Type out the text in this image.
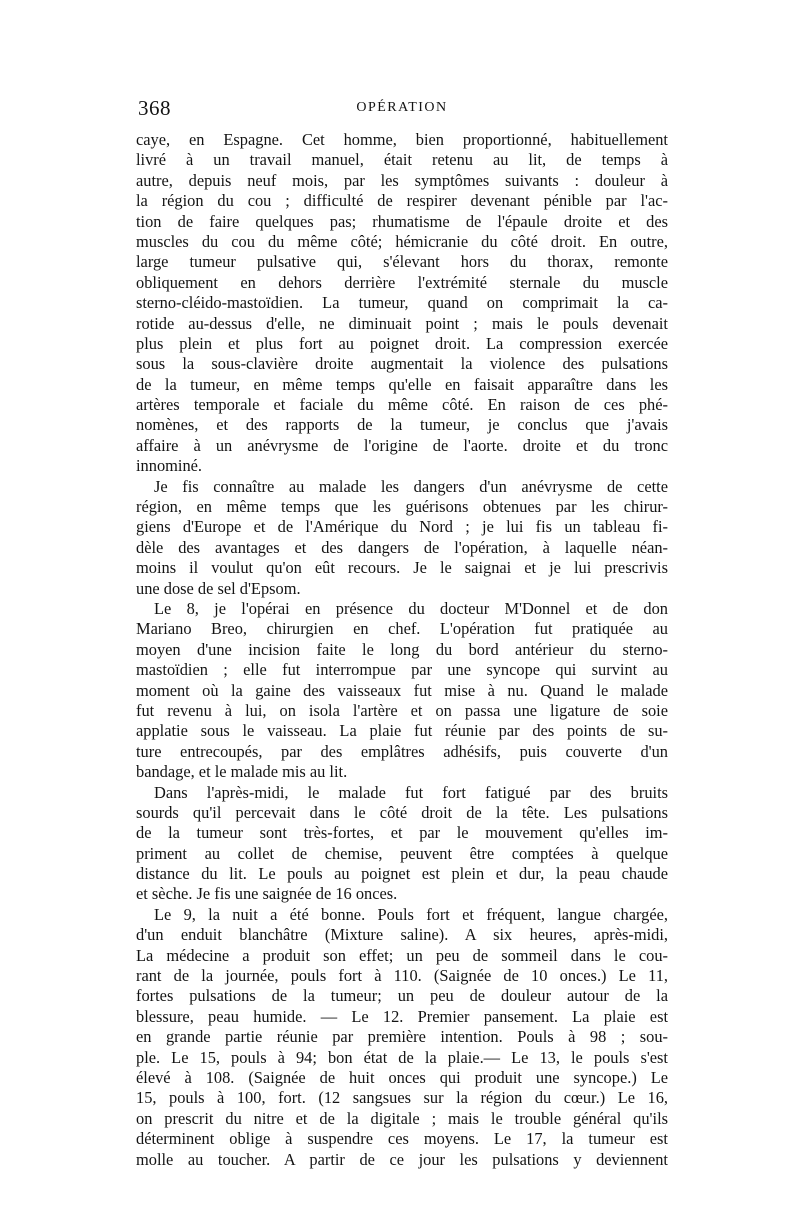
368	OPÉRATION
caye, en Espagne. Cet homme, bien proportionné, habituellement
livré à un travail manuel, était retenu au lit, de temps à
autre, depuis neuf mois, par les symptômes suivants : douleur à
la région du cou ; difficulté de respirer devenant pénible par l'ac-
tion de faire quelques pas; rhumatisme de l'épaule droite et des
muscles du cou du même côté; hémicranie du côté droit. En outre,
large tumeur pulsative qui, s'élevant hors du thorax, remonte
obliquement en dehors derrière l'extrémité sternale du muscle
sterno-cléido-mastoïdien. La tumeur, quand on comprimait la ca-
rotide au-dessus d'elle, ne diminuait point ; mais le pouls devenait
plus plein et plus fort au poignet droit. La compression exercée
sous la sous-clavière droite augmentait la violence des pulsations
de la tumeur, en même temps qu'elle en faisait apparaître dans les
artères temporale et faciale du même côté. En raison de ces phé-
nomènes, et des rapports de la tumeur, je conclus que j'avais
affaire à un anévrysme de l'origine de l'aorte. droite et du tronc
innominé.
Je fis connaître au malade les dangers d'un anévrysme de cette
région, en même temps que les guérisons obtenues par les chirur-
giens d'Europe et de l'Amérique du Nord ; je lui fis un tableau fi-
dèle des avantages et des dangers de l'opération, à laquelle néan-
moins il voulut qu'on eût recours. Je le saignai et je lui prescrivis
une dose de sel d'Epsom.
Le 8, je l'opérai en présence du docteur M'Donnel et de don
Mariano Breo, chirurgien en chef. L'opération fut pratiquée au
moyen d'une incision faite le long du bord antérieur du sterno-
mastoïdien ; elle fut interrompue par une syncope qui survint au
moment où la gaine des vaisseaux fut mise à nu. Quand le malade
fut revenu à lui, on isola l'artère et on passa une ligature de soie
applatie sous le vaisseau. La plaie fut réunie par des points de su-
ture entrecoupés, par des emplâtres adhésifs, puis couverte d'un
bandage, et le malade mis au lit.
Dans l'après-midi, le malade fut fort fatigué par des bruits
sourds qu'il percevait dans le côté droit de la tête. Les pulsations
de la tumeur sont très-fortes, et par le mouvement qu'elles im-
priment au collet de chemise, peuvent être comptées à quelque
distance du lit. Le pouls au poignet est plein et dur, la peau chaude
et sèche. Je fis une saignée de 16 onces.
Le 9, la nuit a été bonne. Pouls fort et fréquent, langue chargée,
d'un enduit blanchâtre (Mixture saline). A six heures, après-midi,
La médecine a produit son effet; un peu de sommeil dans le cou-
rant de la journée, pouls fort à 110. (Saignée de 10 onces.) Le 11,
fortes pulsations de la tumeur; un peu de douleur autour de la
blessure, peau humide. — Le 12. Premier pansement. La plaie est
en grande partie réunie par première intention. Pouls à 98 ; sou-
ple. Le 15, pouls à 94; bon état de la plaie.— Le 13, le pouls s'est
élevé à 108. (Saignée de huit onces qui produit une syncope.) Le
15, pouls à 100, fort. (12 sangsues sur la région du cœur.) Le 16,
on prescrit du nitre et de la digitale ; mais le trouble général qu'ils
déterminent oblige à suspendre ces moyens. Le 17, la tumeur est
molle au toucher. A partir de ce jour les pulsations y deviennent
